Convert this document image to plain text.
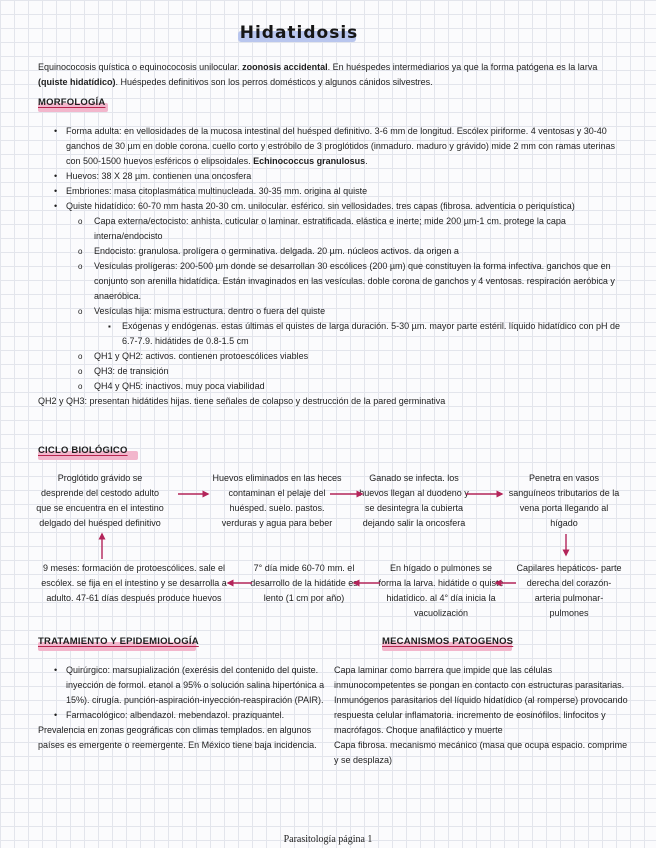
Hidatidosis
Equinococosis quística o equinococosis unilocular. zoonosis accidental. En huéspedes intermediarios ya que la forma patógena es la larva (quiste hidatídico). Huéspedes definitivos son los perros domésticos y algunos cánidos silvestres.
MORFOLOGÍA
• Forma adulta: en vellosidades de la mucosa intestinal del huésped definitivo. 3-6 mm de longitud. Escólex piriforme. 4 ventosas y 30-40 ganchos de 30 µm en doble corona. cuello corto y estróbilo de 3 proglótidos (inmaduro. maduro y grávido) mide 2 mm con ramas uterinas con 500-1500 huevos esféricos o elipsoidales. Echinococcus granulosus.
• Huevos: 38 X 28 µm. contienen una oncosfera
• Embriones: masa citoplasmática multinucleada. 30-35 mm. origina al quiste
• Quiste hidatídico: 60-70 mm hasta 20-30 cm. unilocular. esférico. sin vellosidades. tres capas (fibrosa. adventicia o periquística)
o Capa externa/ectocisto: anhista. cuticular o laminar. estratificada. elástica e inerte; mide 200 µm-1 cm. protege la capa interna/endocisto
o Endocisto: granulosa. prolígera o germinativa. delgada. 20 µm. núcleos activos. da origen a
o Vesículas prolígeras: 200-500 µm donde se desarrollan 30 escólices (200 µm) que constituyen la forma infectiva. ganchos que en conjunto son arenilla hidatídica. Están invaginados en las vesículas. doble corona de ganchos y 4 ventosas. respiración aeróbica y anaeróbica.
o Vesículas hija: misma estructura. dentro o fuera del quiste
▪ Exógenas y endógenas. estas últimas el quistes de larga duración. 5-30 µm. mayor parte estéril. líquido hidatídico con pH de 6.7-7.9. hidátides de 0.8-1.5 cm
o QH1 y QH2: activos. contienen protoescólices viables
o QH3: de transición
o QH4 y QH5: inactivos. muy poca viabilidad
QH2 y QH3: presentan hidátides hijas. tiene señales de colapso y destrucción de la pared germinativa
CICLO BIOLÓGICO
Proglótido grávido se desprende del cestodo adulto que se encuentra en el intestino delgado del huésped definitivo
Huevos eliminados en las heces contaminan el pelaje del huésped. suelo. pastos. verduras y agua para beber
Ganado se infecta. los huevos llegan al duodeno y se desintegra la cubierta dejando salir la oncosfera
Penetra en vasos sanguíneos tributarios de la vena porta llegando al hígado
Capilares hepáticos- parte derecha del corazón-arteria pulmonar-pulmones
En hígado o pulmones se forma la larva. hidátide o quiste hidatídico. al 4° día inicia la vacuolización
7° día mide 60-70 mm. el desarrollo de la hidátide es lento (1 cm por año)
9 meses: formación de protoescólices. sale el escólex. se fija en el intestino y se desarrolla a adulto. 47-61 días después produce huevos
TRATAMIENTO Y EPIDEMIOLOGÍA	MECANISMOS PATOGENOS
• Quirúrgico: marsupialización (exerésis del contenido del quiste. inyección de formol. etanol a 95% o solución salina hipertónica a 15%). cirugía. punción-aspiración-inyección-reaspiración (PAIR).
• Farmacológico: albendazol. mebendazol. praziquantel.
Prevalencia en zonas geográficas con climas templados. en algunos países es emergente o reemergente. En México tiene baja incidencia.
Capa laminar como barrera que impide que las células inmunocompetentes se pongan en contacto con estructuras parasitarias.
Inmunógenos parasitarios del líquido hidatídico (al romperse) provocando respuesta celular inflamatoria. incremento de eosinófilos. linfocitos y macrófagos. Choque anafiláctico y muerte
Capa fibrosa. mecanismo mecánico (masa que ocupa espacio. comprime y se desplaza)
Parasitología página 1
